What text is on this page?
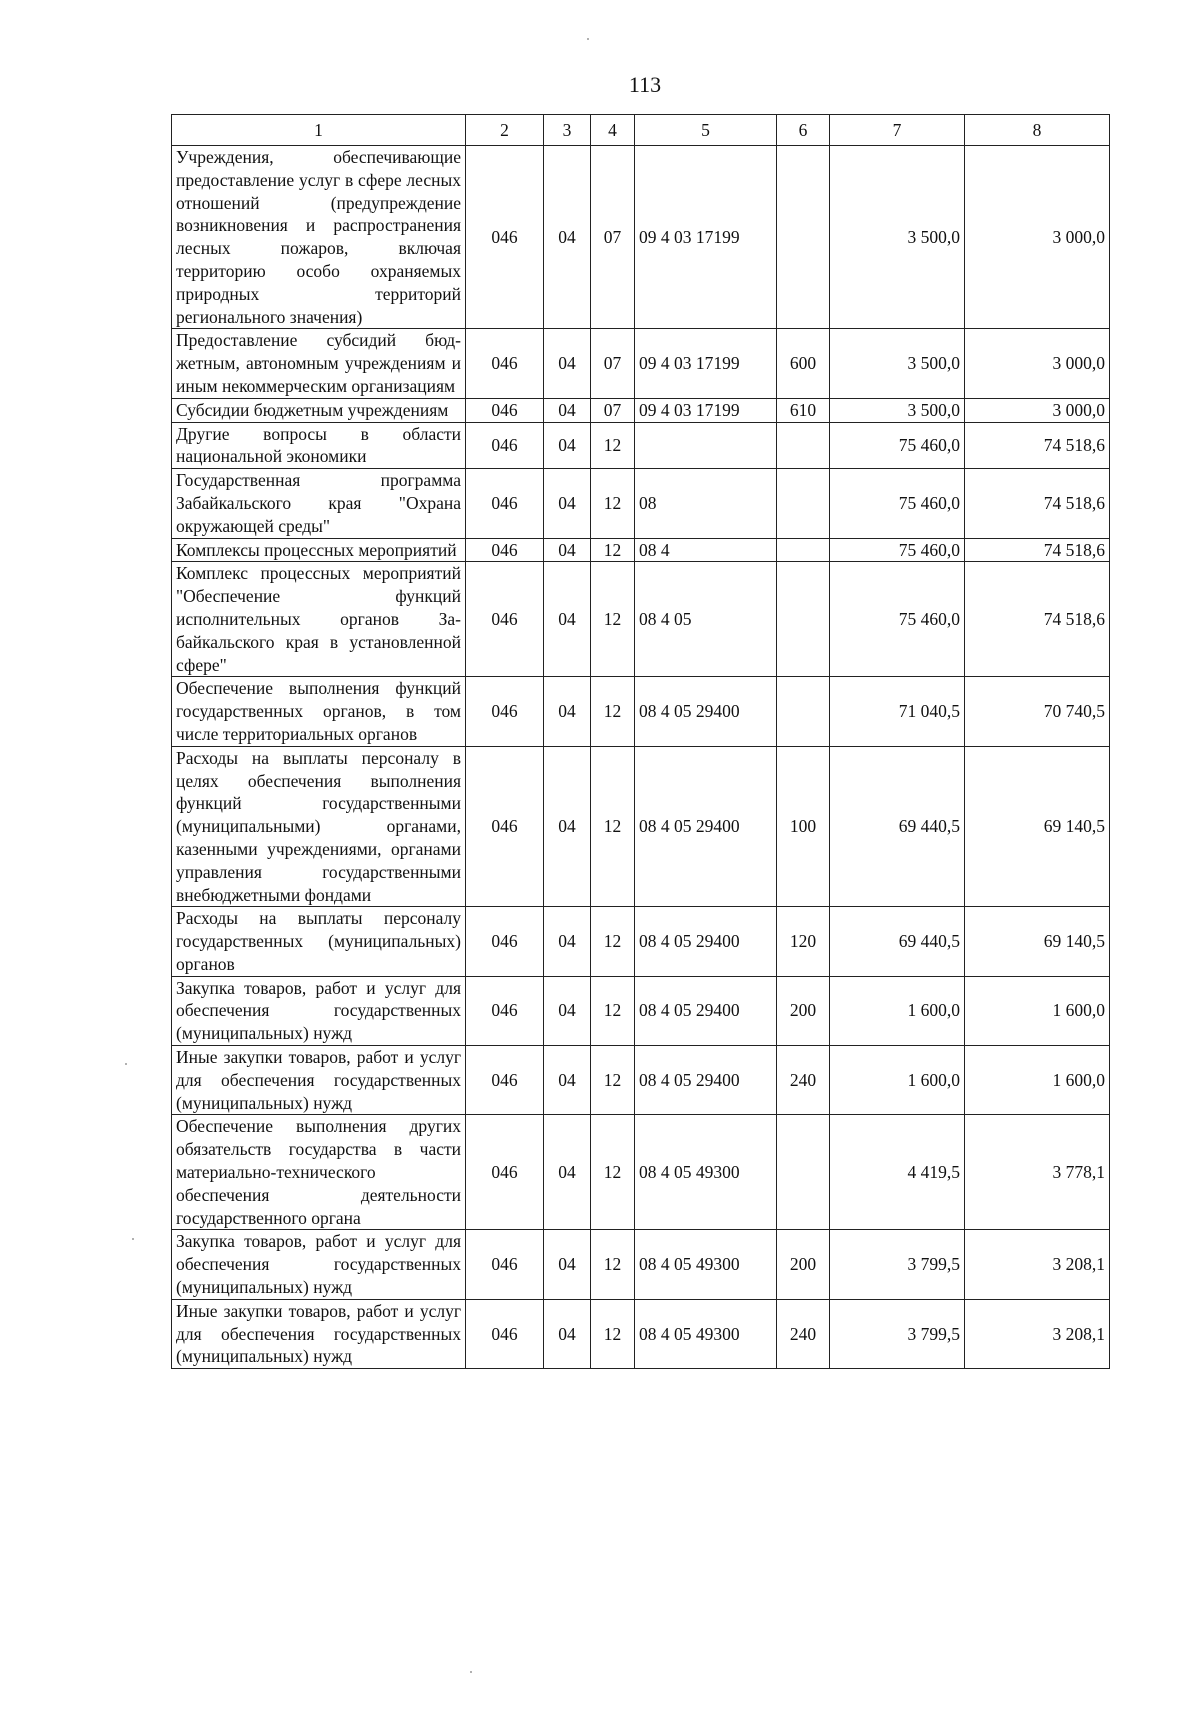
113
1	2	3	4	5	6	7	8
Учреждения, обеспечивающие предоставление услуг в сфере лесных отношений (предупреждение возникновения и распространения лесных пожаров, включая территорию особо охраняемых природных территорий регионального значения)	046	04	07	09 4 03 17199		3 500,0	3 000,0
Предоставление субсидий бюджетным, автономным учреждениям и иным некоммерческим организациям	046	04	07	09 4 03 17199	600	3 500,0	3 000,0
Субсидии бюджетным учреждениям	046	04	07	09 4 03 17199	610	3 500,0	3 000,0
Другие вопросы в области национальной экономики	046	04	12			75 460,0	74 518,6
Государственная программа Забайкальского края "Охрана окружающей среды"	046	04	12	08		75 460,0	74 518,6
Комплексы процессных мероприятий	046	04	12	08 4		75 460,0	74 518,6
Комплекс процессных мероприятий "Обеспечение функций исполнительных органов Забайкальского края в установленной сфере"	046	04	12	08 4 05		75 460,0	74 518,6
Обеспечение выполнения функций государственных органов, в том числе территориальных органов	046	04	12	08 4 05 29400		71 040,5	70 740,5
Расходы на выплаты персоналу в целях обеспечения выполнения функций государственными (муниципальными) органами, казенными учреждениями, органами управления государственными внебюджетными фондами	046	04	12	08 4 05 29400	100	69 440,5	69 140,5
Расходы на выплаты персоналу государственных (муниципальных) органов	046	04	12	08 4 05 29400	120	69 440,5	69 140,5
Закупка товаров, работ и услуг для обеспечения государственных (муниципальных) нужд	046	04	12	08 4 05 29400	200	1 600,0	1 600,0
Иные закупки товаров, работ и услуг для обеспечения государственных (муниципальных) нужд	046	04	12	08 4 05 29400	240	1 600,0	1 600,0
Обеспечение выполнения других обязательств государства в части материально-технического обеспечения деятельности государственного органа	046	04	12	08 4 05 49300		4 419,5	3 778,1
Закупка товаров, работ и услуг для обеспечения государственных (муниципальных) нужд	046	04	12	08 4 05 49300	200	3 799,5	3 208,1
Иные закупки товаров, работ и услуг для обеспечения государственных (муниципальных) нужд	046	04	12	08 4 05 49300	240	3 799,5	3 208,1
